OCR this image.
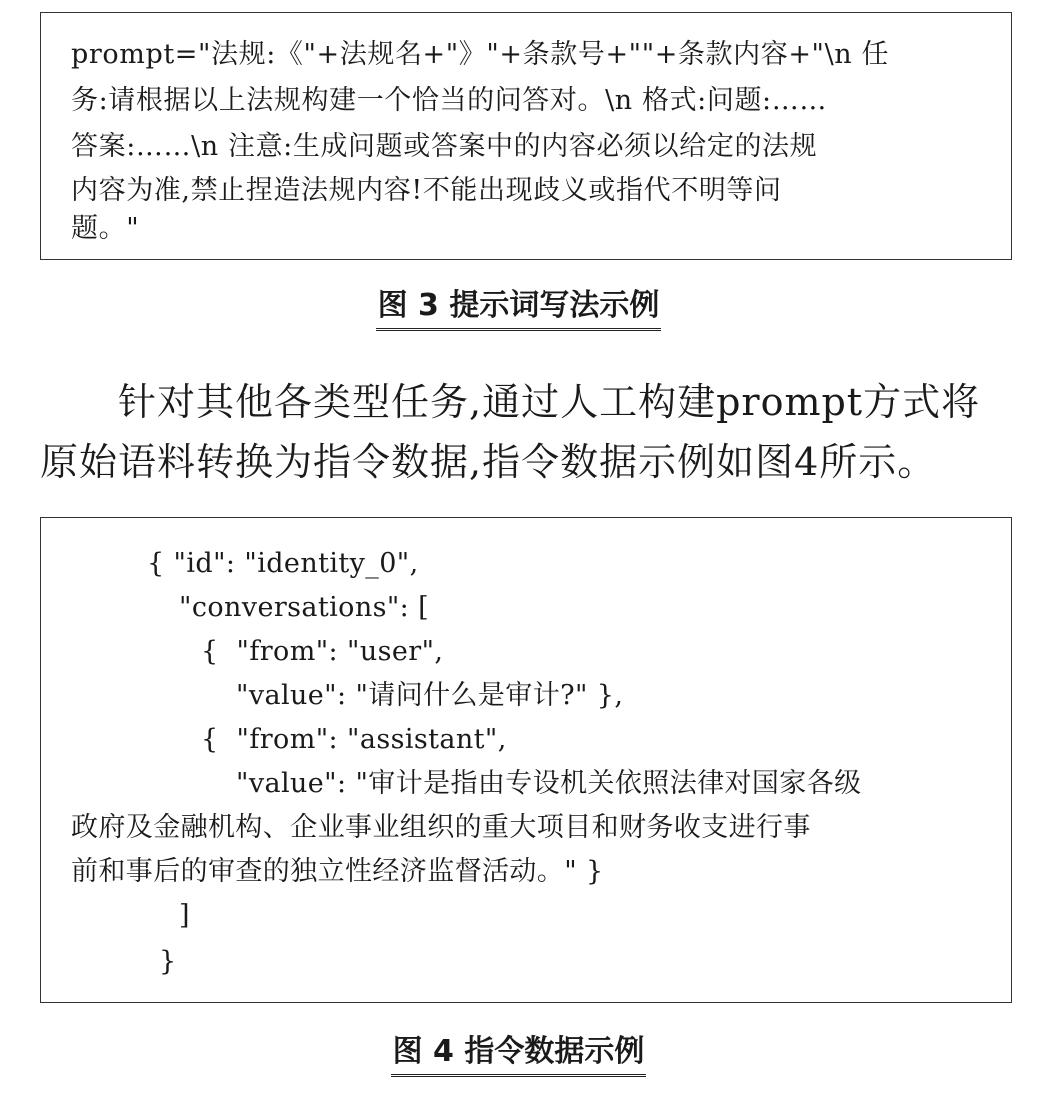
prompt="法规:《"+法规名+"》"+条款号+""+条款内容+"\n 任
务:请根据以上法规构建一个恰当的问答对。\n 格式:问题:……
答案:……\n 注意:生成问题或答案中的内容必须以给定的法规
内容为准,禁止捏造法规内容!不能出现歧义或指代不明等问
题。"
图 3 提示词写法示例
针对其他各类型任务,通过人工构建prompt方式将
原始语料转换为指令数据,指令数据示例如图4所示。
{ "id": "identity_0",
"conversations": [
{  "from": "user",
"value": "请问什么是审计?" },
{  "from": "assistant",
"value": "审计是指由专设机关依照法律对国家各级
政府及金融机构、企业事业组织的重大项目和财务收支进行事
前和事后的审查的独立性经济监督活动。" }
]
}
图 4 指令数据示例
